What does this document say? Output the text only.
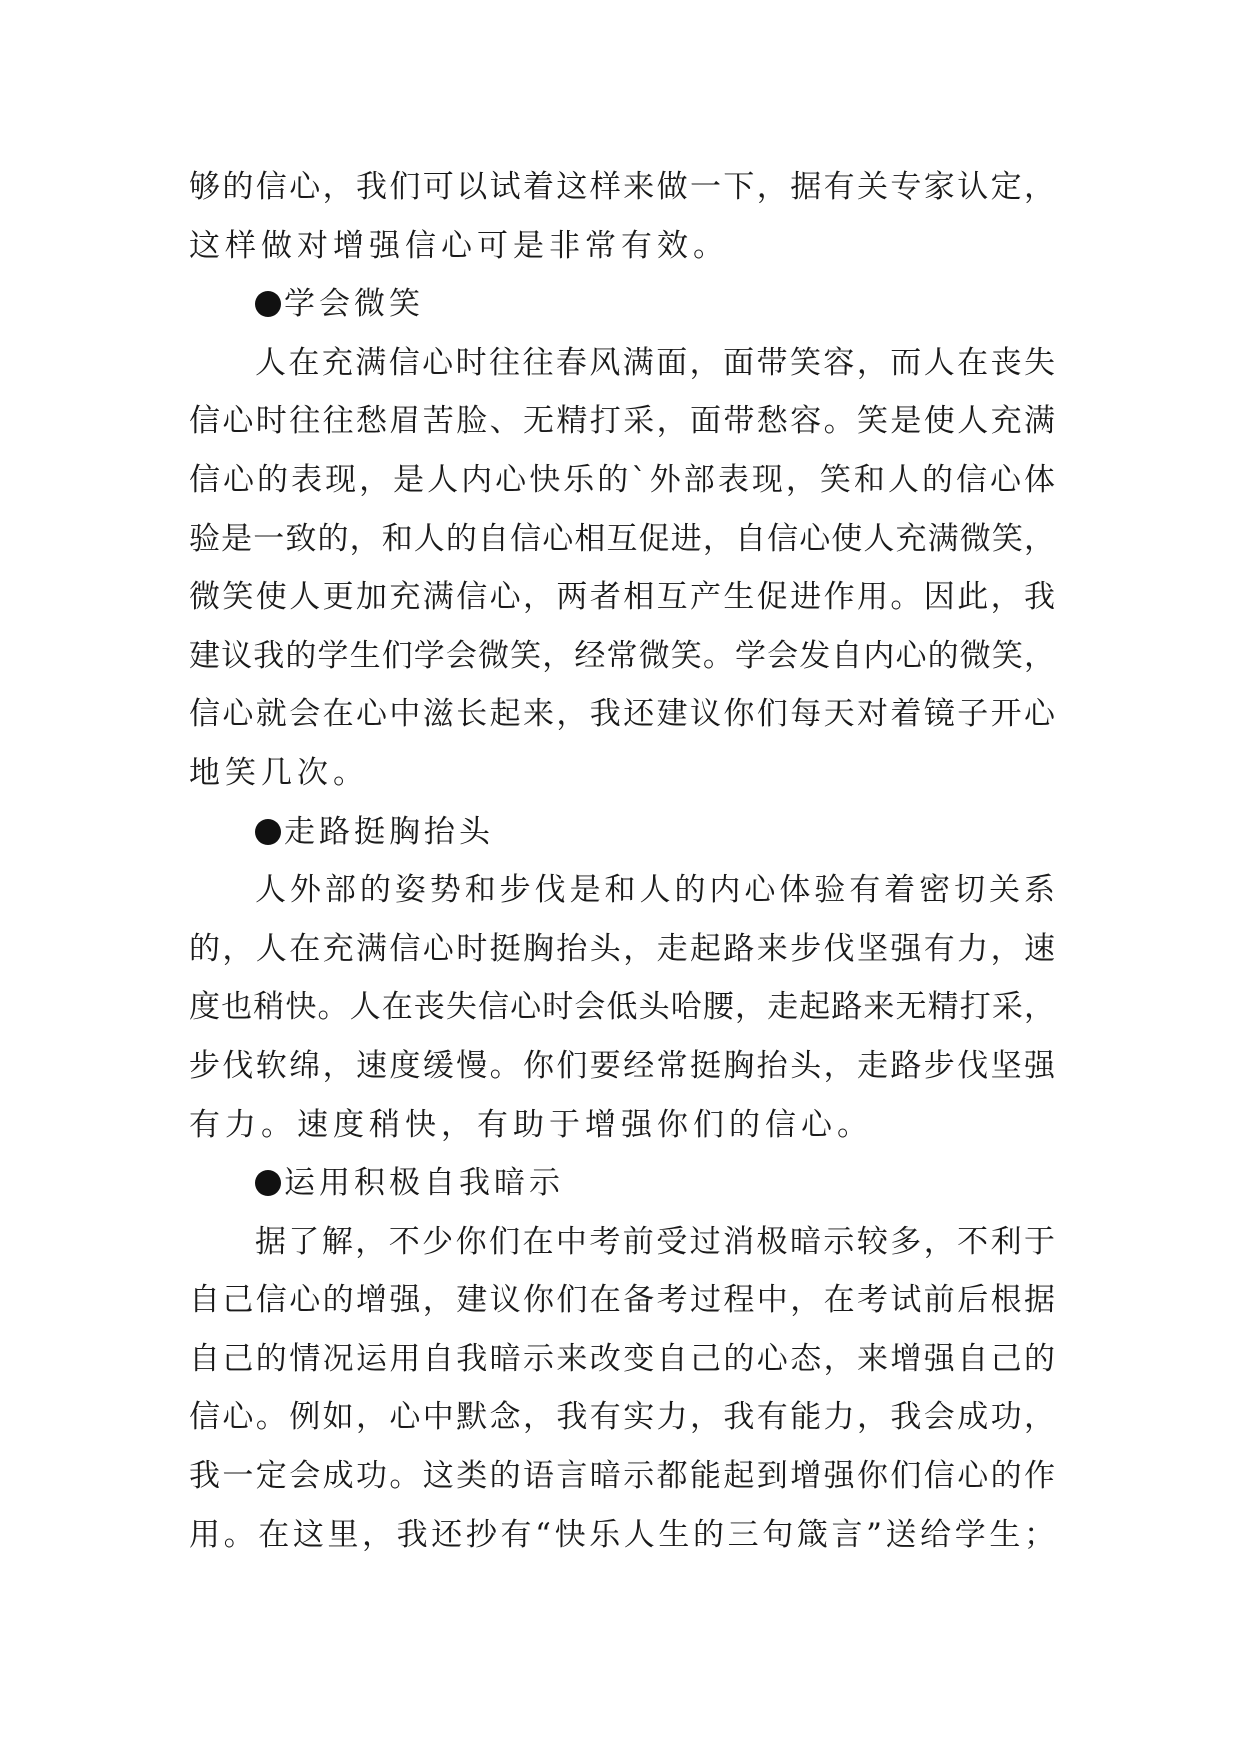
够的信心，我们可以试着这样来做一下，据有关专家认定，
这样做对增强信心可是非常有效。
学会微笑
人在充满信心时往往春风满面，面带笑容，而人在丧失
信心时往往愁眉苦脸、无精打采，面带愁容。笑是使人充满
信心的表现，是人内心快乐的`外部表现，笑和人的信心体
验是一致的，和人的自信心相互促进，自信心使人充满微笑，
微笑使人更加充满信心，两者相互产生促进作用。因此，我
建议我的学生们学会微笑，经常微笑。学会发自内心的微笑，
信心就会在心中滋长起来，我还建议你们每天对着镜子开心
地笑几次。
走路挺胸抬头
人外部的姿势和步伐是和人的内心体验有着密切关系
的，人在充满信心时挺胸抬头，走起路来步伐坚强有力，速
度也稍快。人在丧失信心时会低头哈腰，走起路来无精打采，
步伐软绵，速度缓慢。你们要经常挺胸抬头，走路步伐坚强
有力。速度稍快，有助于增强你们的信心。
运用积极自我暗示
据了解，不少你们在中考前受过消极暗示较多，不利于
自己信心的增强，建议你们在备考过程中，在考试前后根据
自己的情况运用自我暗示来改变自己的心态，来增强自己的
信心。例如，心中默念，我有实力，我有能力，我会成功，
我一定会成功。这类的语言暗示都能起到增强你们信心的作
用。在这里，我还抄有“快乐人生的三句箴言”送给学生；
